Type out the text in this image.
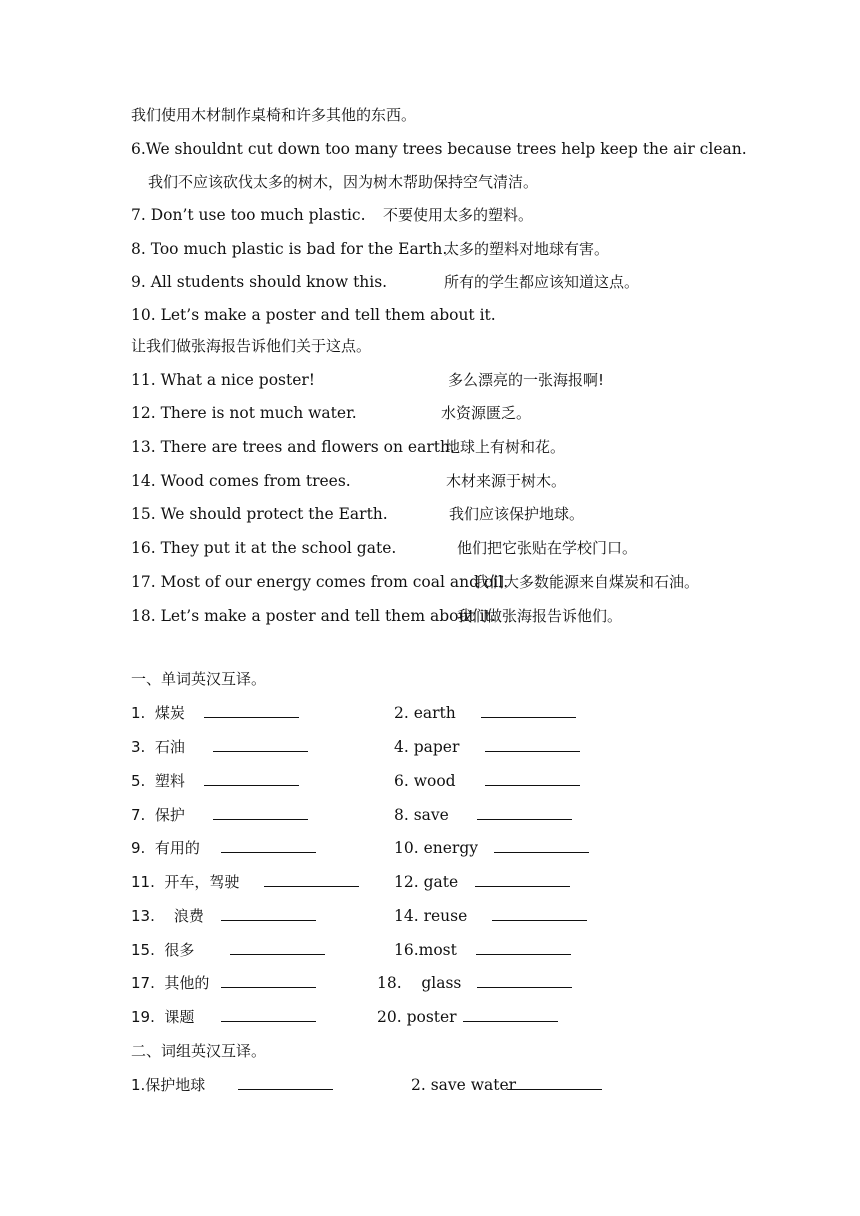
我们使用木材制作桌椅和许多其他的东西。
6.We shouldnt cut down too many trees because trees help keep the air clean.
我们不应该砍伐太多的树木，因为树木帮助保持空气清洁。
7. Don’t use too much plastic. 不要使用太多的塑料。
8. Too much plastic is bad for the Earth.
太多的塑料对地球有害。
9. All students should know this.	所有的学生都应该知道这点。
10. Let’s make a poster and tell them about it.
让我们做张海报告诉他们关于这点。
11. What a nice poster!	多么漂亮的一张海报啊!
12. There is not much water.	水资源匮乏。
13. There are trees and flowers on earth.
地球上有树和花。
14. Wood comes from trees.	木材来源于树木。
15. We should protect the Earth.	我们应该保护地球。
16. They put it at the school gate.	他们把它张贴在学校门口。
17. Most of our energy comes from coal and oil.
我们大多数能源来自煤炭和石油。
18. Let’s make a poster and tell them about it.
我们做张海报告诉他们。
一、单词英汉互译。
1.  煤炭	2. earth
3.  石油	4. paper
5.  塑料	6. wood
7.  保护	8. save
9.  有用的	10. energy
11.  开车，驾驶	12. gate
13.    浪费	14. reuse
15.  很多	16.most
17.  其他的	18.    glass
19.  课题	20. poster
二、词组英汉互译。
1.保护地球	2. save water
